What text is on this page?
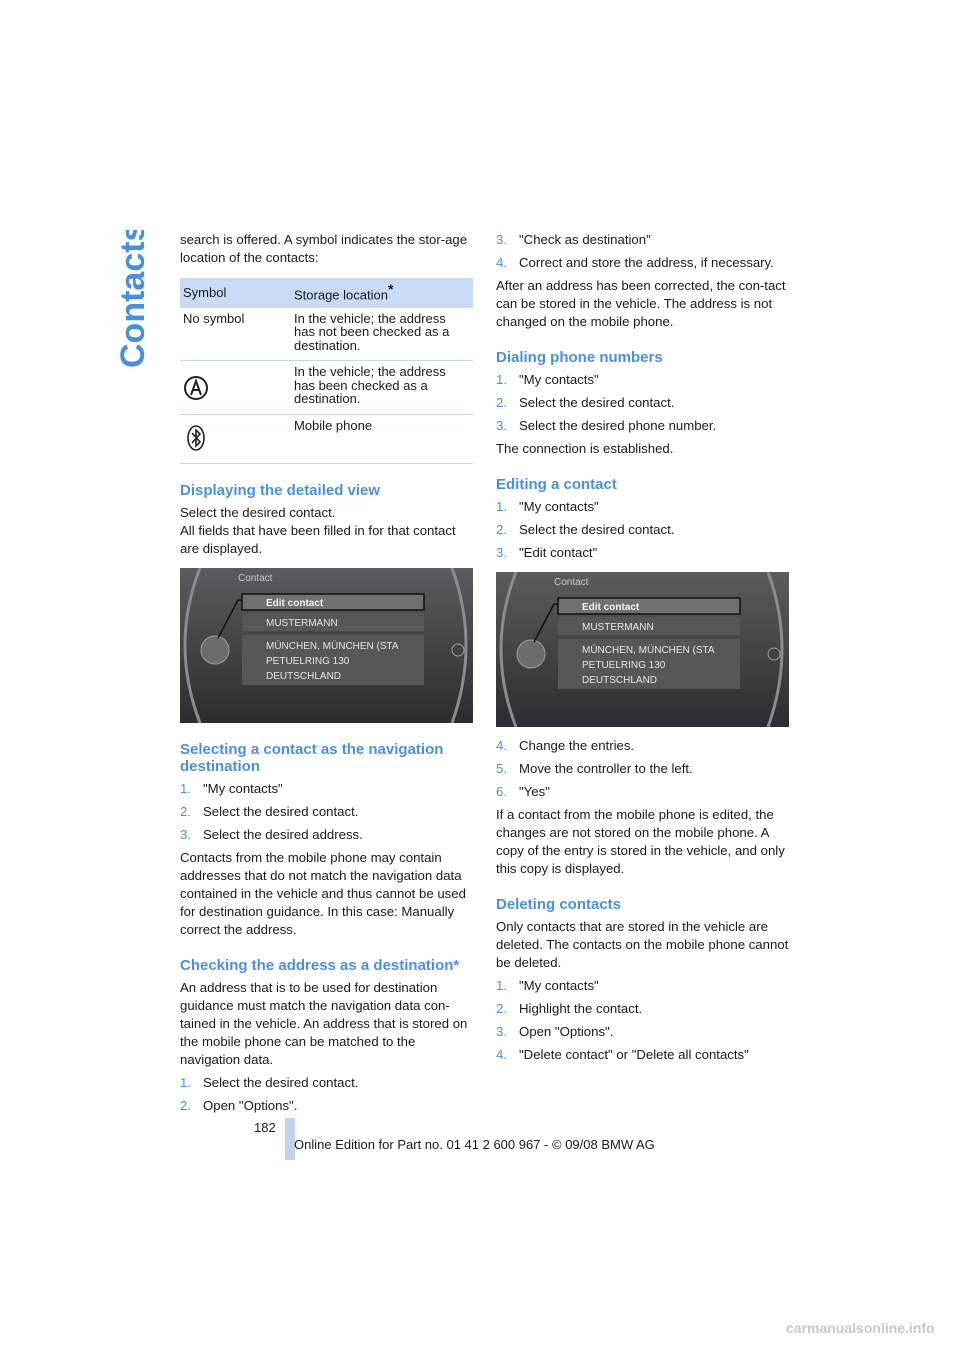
Contacts search is offered. A symbol indicates the stor-age location of the contacts:

Symbol	Storage location*
No symbol	In the vehicle; the address has not been checked as a destination.
	In the vehicle; the address has been checked as a destination.
	Mobile phone
Displaying the detailed view

Select the desired contact.

All fields that have been filled in for that contact are displayed.

Contact
Edit contact
MUSTERMANN
MÜNCHEN, MÜNCHEN (STA
PETUELRING 130
DEUTSCHLAND
Selecting a contact as the navigation destination
1. "My contacts"
2. Select the desired contact.
3. Select the desired address.

Contacts from the mobile phone may contain addresses that do not match the navigation data contained in the vehicle and thus cannot be used for destination guidance. In this case: Manually correct the address.

Checking the address as a destination*

An address that is to be used for destination guidance must match the navigation data con-tained in the vehicle. An address that is stored on the mobile phone can be matched to the navigation data.

1. Select the desired contact.
2. Open "Options".
3. "Check as destination"
4. Correct and store the address, if necessary.

After an address has been corrected, the con-tact can be stored in the vehicle. The address is not changed on the mobile phone.

Dialing phone numbers
1. "My contacts"
2. Select the desired contact.
3. Select the desired phone number.

The connection is established.

Editing a contact
1. "My contacts"
2. Select the desired contact.
3. "Edit contact"
Contact
Edit contact
MUSTERMANN
MÜNCHEN, MÜNCHEN (STA
PETUELRING 130
DEUTSCHLAND
4. Change the entries.
5. Move the controller to the left.
6. "Yes"

If a contact from the mobile phone is edited, the changes are not stored on the mobile phone. A copy of the entry is stored in the vehicle, and only this copy is displayed.

Deleting contacts

Only contacts that are stored in the vehicle are deleted. The contacts on the mobile phone cannot be deleted.

1. "My contacts"
2. Highlight the contact.
3. Open "Options".
4. "Delete contact" or "Delete all contacts"
182
Online Edition for Part no. 01 41 2 600 967 - © 09/08 BMW AG
carmanualsonline.info
